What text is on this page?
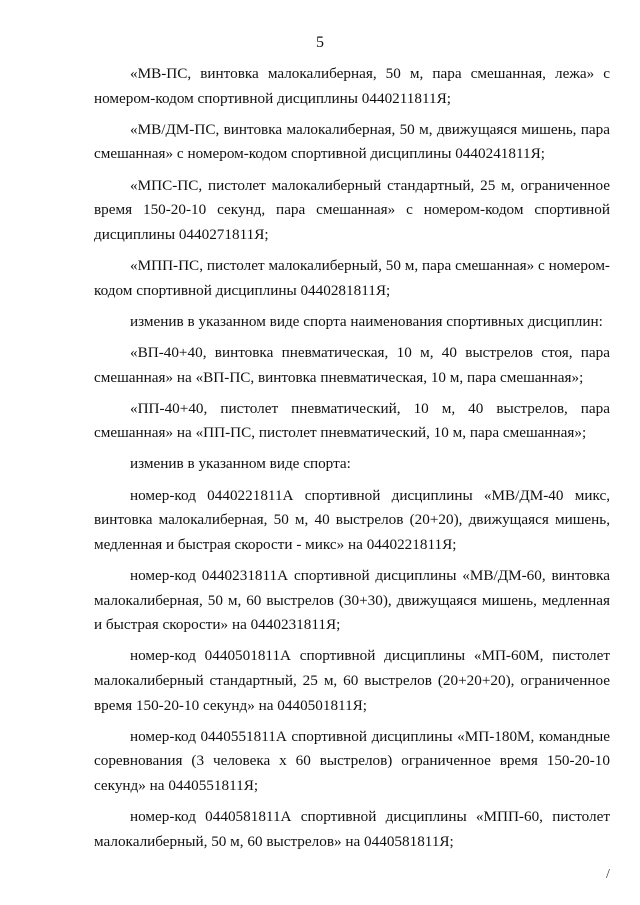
5

«МВ-ПС, винтовка малокалиберная, 50 м, пара смешанная, лежа» с номером-кодом спортивной дисциплины 0440211811Я;

«МВ/ДМ-ПС, винтовка малокалиберная, 50 м, движущаяся мишень, пара смешанная» с номером-кодом спортивной дисциплины 0440241811Я;

«МПС-ПС, пистолет малокалиберный стандартный, 25 м, ограниченное время 150-20-10 секунд, пара смешанная» с номером-кодом спортивной дисциплины 0440271811Я;

«МПП-ПС, пистолет малокалиберный, 50 м, пара смешанная» с номером-кодом спортивной дисциплины 0440281811Я;

изменив в указанном виде спорта наименования спортивных дисциплин:

«ВП-40+40, винтовка пневматическая, 10 м, 40 выстрелов стоя, пара смешанная» на «ВП-ПС, винтовка пневматическая, 10 м, пара смешанная»;

«ПП-40+40, пистолет пневматический, 10 м, 40 выстрелов, пара смешанная» на «ПП-ПС, пистолет пневматический, 10 м, пара смешанная»;

изменив в указанном виде спорта:

номер-код 0440221811А спортивной дисциплины «МВ/ДМ-40 микс, винтовка малокалиберная, 50 м, 40 выстрелов (20+20), движущаяся мишень, медленная и быстрая скорости - микс» на 0440221811Я;

номер-код 0440231811А спортивной дисциплины «МВ/ДМ-60, винтовка малокалиберная, 50 м, 60 выстрелов (30+30), движущаяся мишень, медленная и быстрая скорости» на 0440231811Я;

номер-код 0440501811А спортивной дисциплины «МП-60М, пистолет малокалиберный стандартный, 25 м, 60 выстрелов (20+20+20), ограниченное время 150-20-10 секунд» на 0440501811Я;

номер-код 0440551811А спортивной дисциплины «МП-180М, командные соревнования (3 человека х 60 выстрелов) ограниченное время 150-20-10 секунд» на 0440551811Я;

номер-код 0440581811А спортивной дисциплины «МПП-60, пистолет малокалиберный, 50 м, 60 выстрелов» на 0440581811Я;

/
